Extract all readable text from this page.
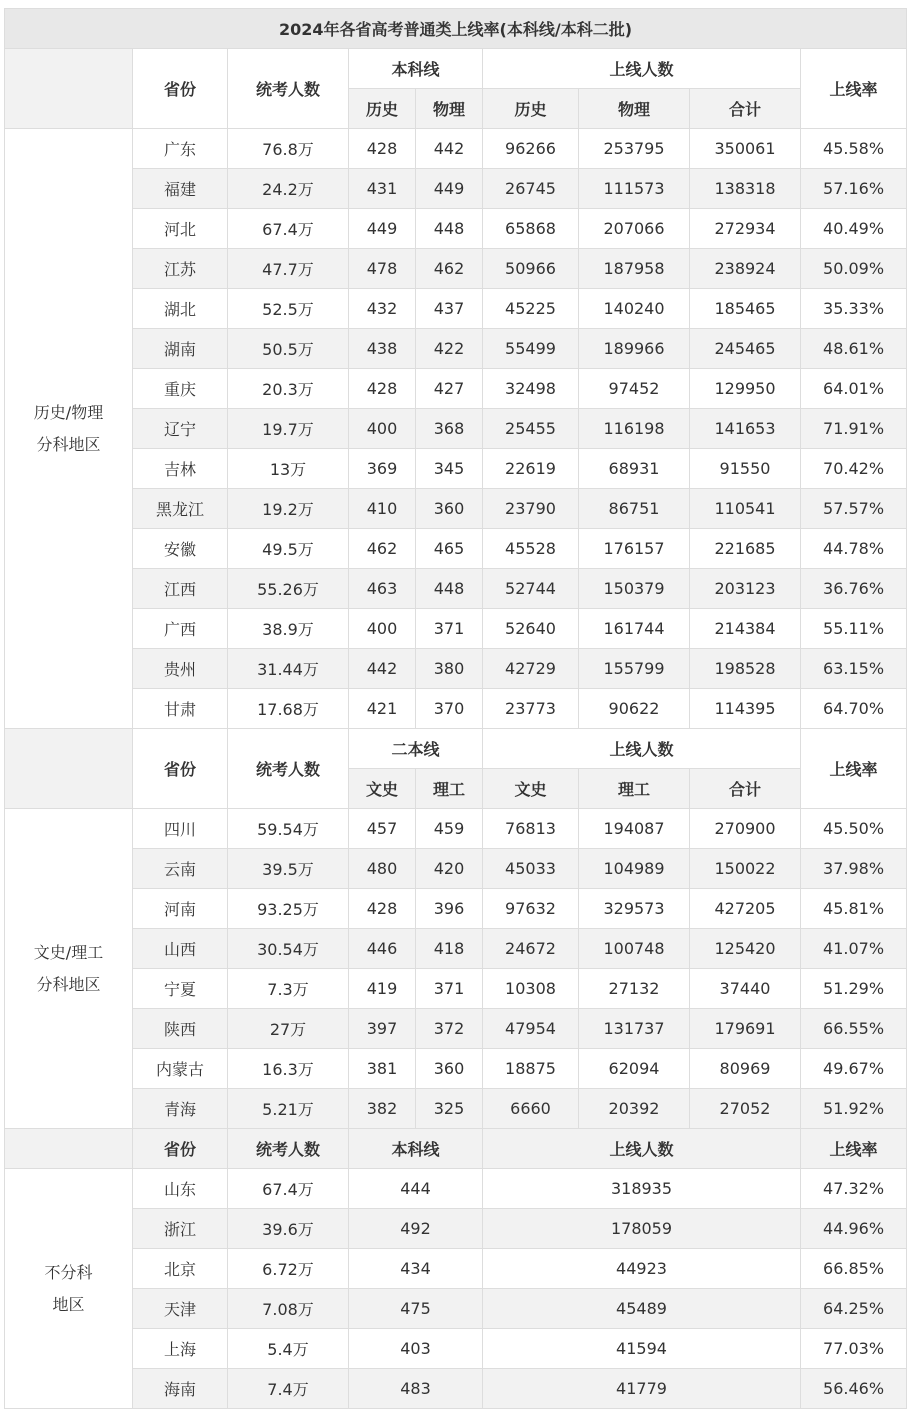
2024年各省高考普通类上线率(本科线/本科二批)								
	省份	统考人数	本科线		上线人数			上线率
			历史	物理	历史	物理	合计	

历史/物理
分科地区	广东	76.8万	428	442	96266	253795	350061	45.58%
	福建	24.2万	431	449	26745	111573	138318	57.16%
	河北	67.4万	449	448	65868	207066	272934	40.49%
	江苏	47.7万	478	462	50966	187958	238924	50.09%
	湖北	52.5万	432	437	45225	140240	185465	35.33%
	湖南	50.5万	438	422	55499	189966	245465	48.61%
	重庆	20.3万	428	427	32498	97452	129950	64.01%
	辽宁	19.7万	400	368	25455	116198	141653	71.91%
	吉林	13万	369	345	22619	68931	91550	70.42%
	黑龙江	19.2万	410	360	23790	86751	110541	57.57%
	安徽	49.5万	462	465	45528	176157	221685	44.78%
	江西	55.26万	463	448	52744	150379	203123	36.76%
	广西	38.9万	400	371	52640	161744	214384	55.11%
	贵州	31.44万	442	380	42729	155799	198528	63.15%
	甘肃	17.68万	421	370	23773	90622	114395	64.70%
	省份	统考人数	二本线		上线人数			上线率
			文史	理工	文史	理工	合计	

文史/理工
分科地区	四川	59.54万	457	459	76813	194087	270900	45.50%
	云南	39.5万	480	420	45033	104989	150022	37.98%
	河南	93.25万	428	396	97632	329573	427205	45.81%
	山西	30.54万	446	418	24672	100748	125420	41.07%
	宁夏	7.3万	419	371	10308	27132	37440	51.29%
	陕西	27万	397	372	47954	131737	179691	66.55%
	内蒙古	16.3万	381	360	18875	62094	80969	49.67%
	青海	5.21万	382	325	6660	20392	27052	51.92%
	省份	统考人数	本科线		上线人数			上线率

不分科
地区	山东	67.4万	444		318935			47.32%
	浙江	39.6万	492		178059			44.96%
	北京	6.72万	434		44923			66.85%
	天津	7.08万	475		45489			64.25%
	上海	5.4万	403		41594			77.03%
	海南	7.4万	483		41779			56.46%
